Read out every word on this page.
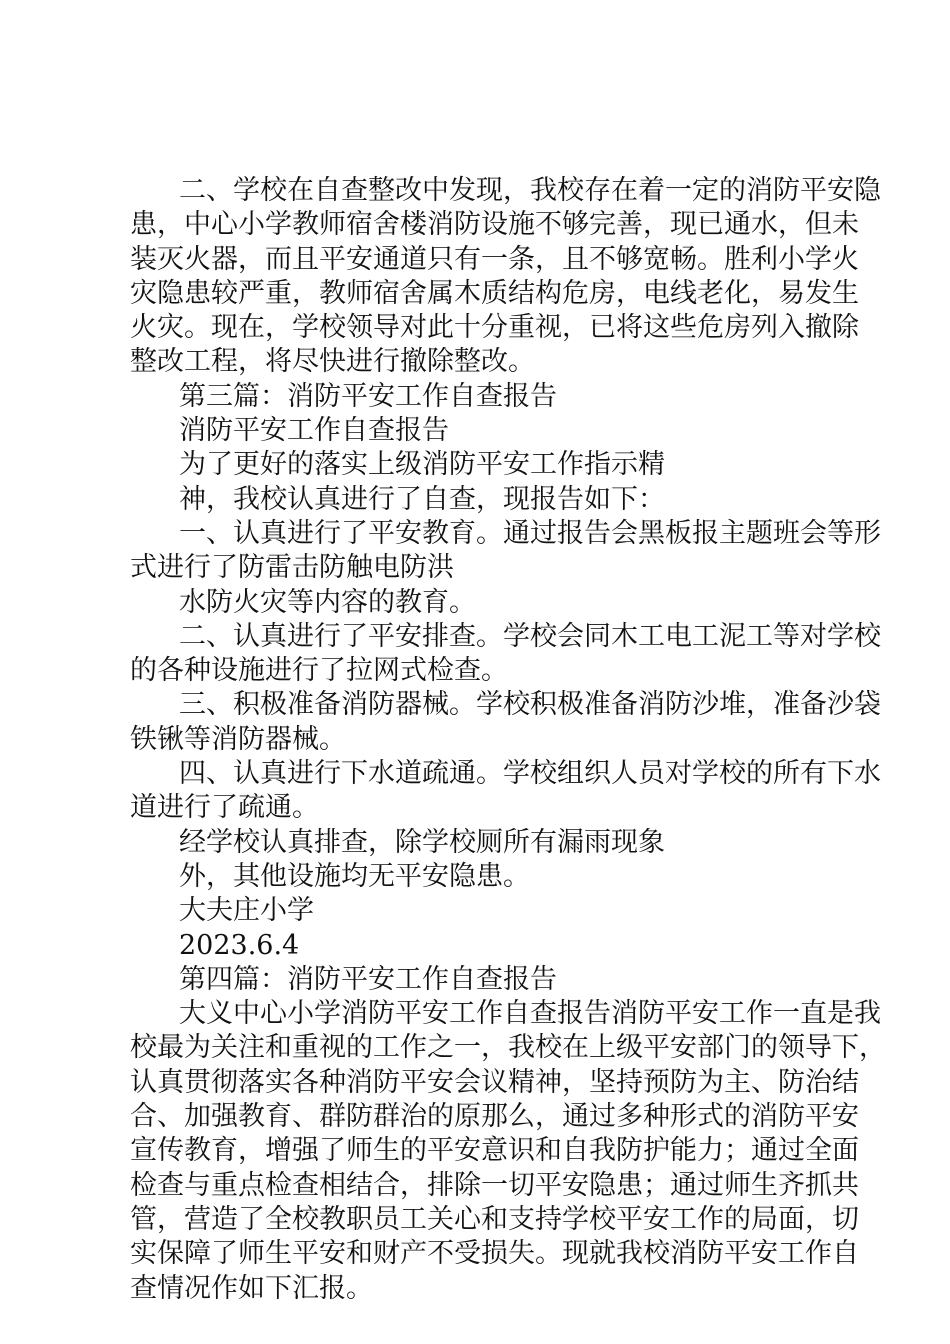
二、学校在自查整改中发现，我校存在着一定的消防平安隐
患，中心小学教师宿舍楼消防设施不够完善，现已通水，但未
装灭火器，而且平安通道只有一条，且不够宽畅。胜利小学火
灾隐患较严重，教师宿舍属木质结构危房，电线老化，易发生
火灾。现在，学校领导对此十分重视，已将这些危房列入撤除
整改工程，将尽快进行撤除整改。
第三篇：消防平安工作自查报告
消防平安工作自查报告
为了更好的落实上级消防平安工作指示精
神，我校认真进行了自查，现报告如下：
一、认真进行了平安教育。通过报告会黑板报主题班会等形
式进行了防雷击防触电防洪
水防火灾等内容的教育。
二、认真进行了平安排查。学校会同木工电工泥工等对学校
的各种设施进行了拉网式检查。
三、积极准备消防器械。学校积极准备消防沙堆，准备沙袋
铁锹等消防器械。
四、认真进行下水道疏通。学校组织人员对学校的所有下水
道进行了疏通。
经学校认真排查，除学校厕所有漏雨现象
外，其他设施均无平安隐患。
大夫庄小学
2023.6.4
第四篇：消防平安工作自查报告
大义中心小学消防平安工作自查报告消防平安工作一直是我
校最为关注和重视的工作之一，我校在上级平安部门的领导下，
认真贯彻落实各种消防平安会议精神，坚持预防为主、防治结
合、加强教育、群防群治的原那么，通过多种形式的消防平安
宣传教育，增强了师生的平安意识和自我防护能力；通过全面
检查与重点检查相结合，排除一切平安隐患；通过师生齐抓共
管，营造了全校教职员工关心和支持学校平安工作的局面，切
实保障了师生平安和财产不受损失。现就我校消防平安工作自
查情况作如下汇报。
